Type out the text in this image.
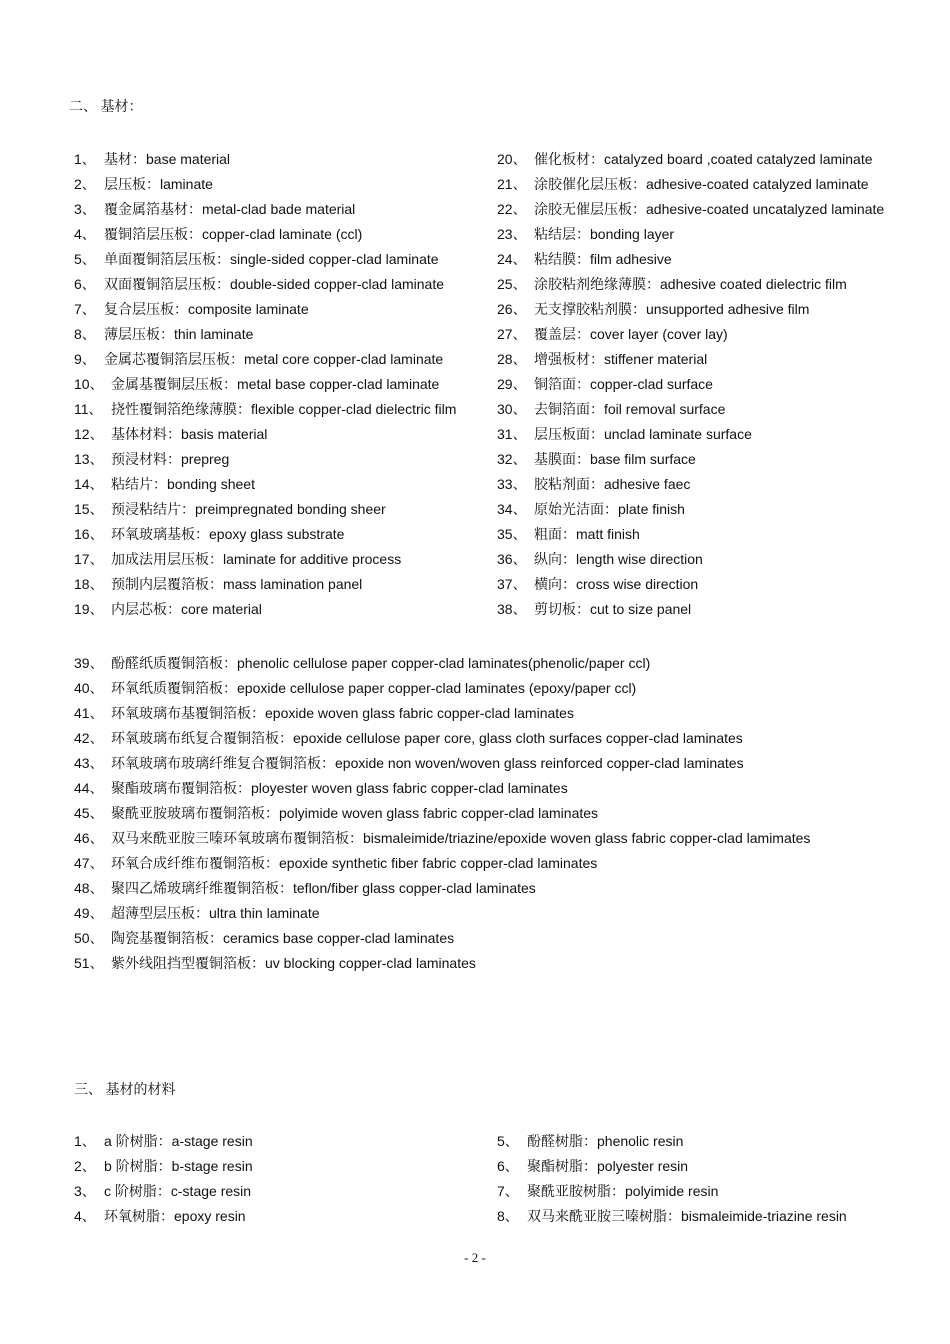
二、 基材：
1、 基材：base material
2、 层压板：laminate
3、 覆金属箔基材：metal-clad bade material
4、 覆铜箔层压板：copper-clad laminate (ccl)
5、 单面覆铜箔层压板：single-sided copper-clad laminate
6、 双面覆铜箔层压板：double-sided copper-clad laminate
7、 复合层压板：composite laminate
8、 薄层压板：thin laminate
9、 金属芯覆铜箔层压板：metal core copper-clad laminate
10、 金属基覆铜层压板：metal base copper-clad laminate
11、 挠性覆铜箔绝缘薄膜：flexible copper-clad dielectric film
12、 基体材料：basis material
13、 预浸材料：prepreg
14、 粘结片：bonding sheet
15、 预浸粘结片：preimpregnated bonding sheer
16、 环氧玻璃基板：epoxy glass substrate
17、 加成法用层压板：laminate for additive process
18、 预制内层覆箔板：mass lamination panel
19、 内层芯板：core material
20、 催化板材：catalyzed board ,coated catalyzed laminate
21、 涂胶催化层压板：adhesive-coated catalyzed laminate
22、 涂胶无催层压板：adhesive-coated uncatalyzed laminate
23、 粘结层：bonding layer
24、 粘结膜：film adhesive
25、 涂胶粘剂绝缘薄膜：adhesive coated dielectric film
26、 无支撑胶粘剂膜：unsupported adhesive film
27、 覆盖层：cover layer (cover lay)
28、 增强板材：stiffener material
29、 铜箔面：copper-clad surface
30、 去铜箔面：foil removal surface
31、 层压板面：unclad laminate surface
32、 基膜面：base film surface
33、 胶粘剂面：adhesive faec
34、 原始光洁面：plate finish
35、 粗面：matt finish
36、 纵向：length wise direction
37、 横向：cross wise direction
38、 剪切板：cut to size panel
39、 酚醛纸质覆铜箔板：phenolic cellulose paper copper-clad laminates(phenolic/paper ccl)
40、 环氧纸质覆铜箔板：epoxide cellulose paper copper-clad laminates (epoxy/paper ccl)
41、 环氧玻璃布基覆铜箔板：epoxide woven glass fabric copper-clad laminates
42、 环氧玻璃布纸复合覆铜箔板：epoxide cellulose paper core, glass cloth surfaces copper-clad laminates
43、 环氧玻璃布玻璃纤维复合覆铜箔板：epoxide non woven/woven glass reinforced copper-clad laminates
44、 聚酯玻璃布覆铜箔板：ployester woven glass fabric copper-clad laminates
45、 聚酰亚胺玻璃布覆铜箔板：polyimide woven glass fabric copper-clad laminates
46、 双马来酰亚胺三嗪环氧玻璃布覆铜箔板：bismaleimide/triazine/epoxide woven glass fabric copper-clad lamimates
47、 环氧合成纤维布覆铜箔板：epoxide synthetic fiber fabric copper-clad laminates
48、 聚四乙烯玻璃纤维覆铜箔板：teflon/fiber glass copper-clad laminates
49、 超薄型层压板：ultra thin laminate
50、 陶瓷基覆铜箔板：ceramics base copper-clad laminates
51、 紫外线阻挡型覆铜箔板：uv blocking copper-clad laminates
三、 基材的材料
1、 a 阶树脂：a-stage resin
2、 b 阶树脂：b-stage resin
3、 c 阶树脂：c-stage resin
4、 环氧树脂：epoxy resin
5、 酚醛树脂：phenolic resin
6、 聚酯树脂：polyester resin
7、 聚酰亚胺树脂：polyimide resin
8、 双马来酰亚胺三嗪树脂：bismaleimide-triazine resin
- 2 -
